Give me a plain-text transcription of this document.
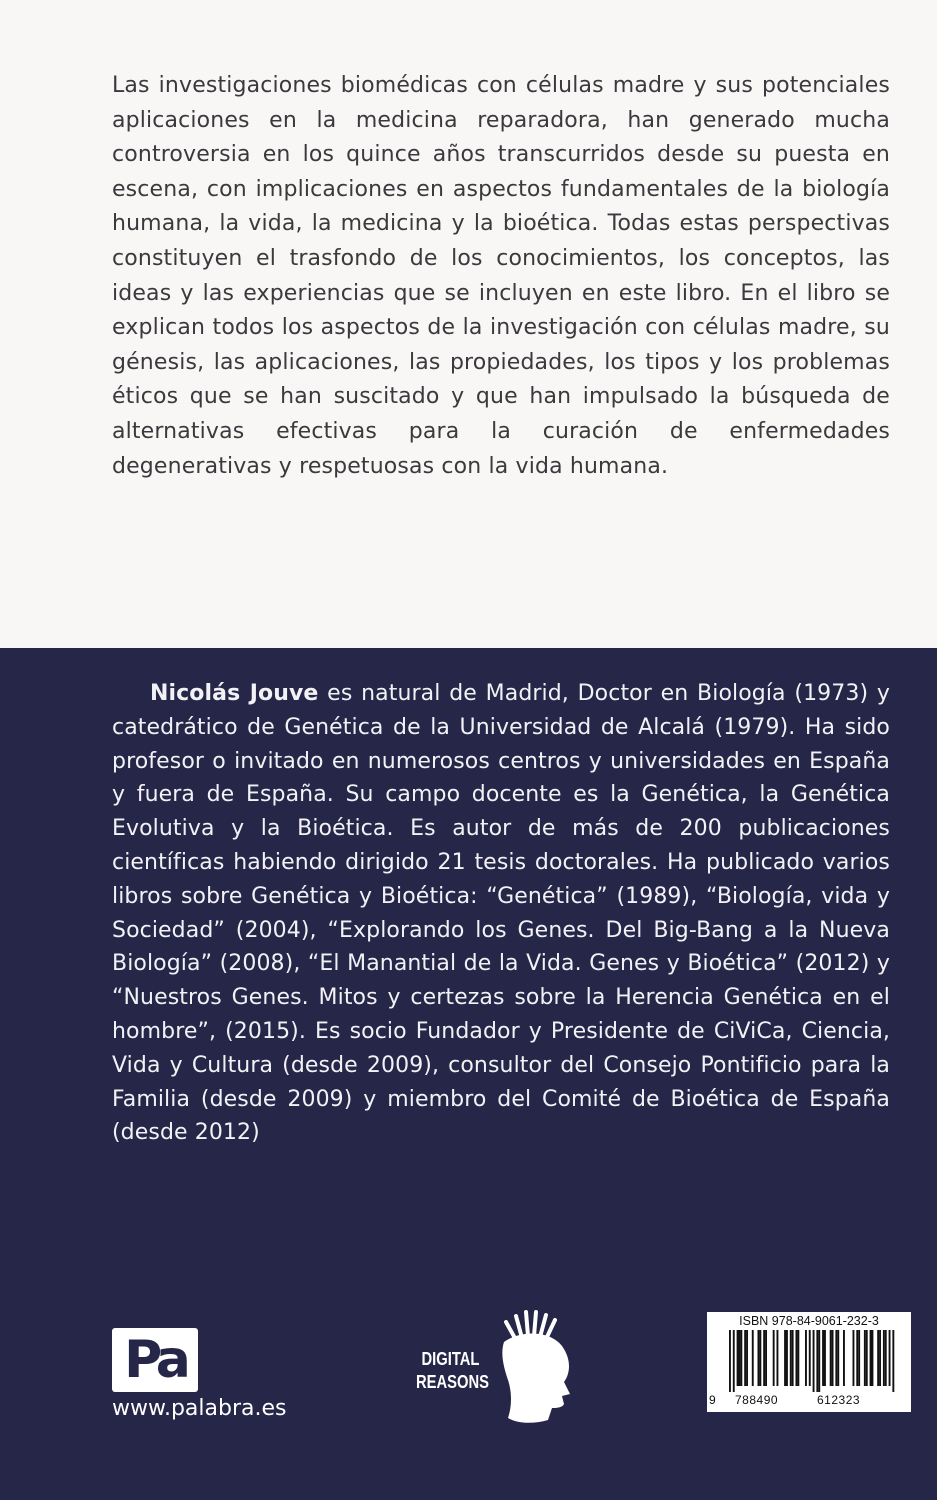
Las investigaciones biomédicas con células madre y sus potenciales aplicaciones en la medicina reparadora, han generado mucha controversia en los quince años transcurridos desde su puesta en escena, con implicaciones en aspectos fundamentales de la biología humana, la vida, la medicina y la bioética. Todas estas perspectivas constituyen el trasfondo de los conocimientos, los conceptos, las ideas y las experiencias que se incluyen en este libro. En el libro se explican todos los aspectos de la investigación con células madre, su génesis, las aplicaciones, las propiedades, los tipos y los problemas éticos que se han suscitado y que han impulsado la búsqueda de alternativas efectivas para la curación de enfermedades degenerativas y respetuosas con la vida humana.

Nicolás Jouve es natural de Madrid, Doctor en Biología (1973) y catedrático de Genética de la Universidad de Alcalá (1979). Ha sido profesor o invitado en numerosos centros y universidades en España y fuera de España. Su campo docente es la Genética, la Genética Evolutiva y la Bioética. Es autor de más de 200 publicaciones científicas habiendo dirigido 21 tesis doctorales. Ha publicado varios libros sobre Genética y Bioética: “Genética” (1989), “Biología, vida y Sociedad” (2004), “Explorando los Genes. Del Big-Bang a la Nueva Biología” (2008), “El Manantial de la Vida. Genes y Bioética” (2012) y “Nuestros Genes. Mitos y certezas sobre la Herencia Genética en el hombre”, (2015). Es socio Fundador y Presidente de CiViCa, Ciencia, Vida y Cultura (desde 2009), consultor del Consejo Pontificio para la Familia (desde 2009) y miembro del Comité de Bioética de España (desde 2012)

Pa
www.palabra.es
DIGITAL
REASONS
ISBN 978-84-9061-232-3
9 788490	612323
